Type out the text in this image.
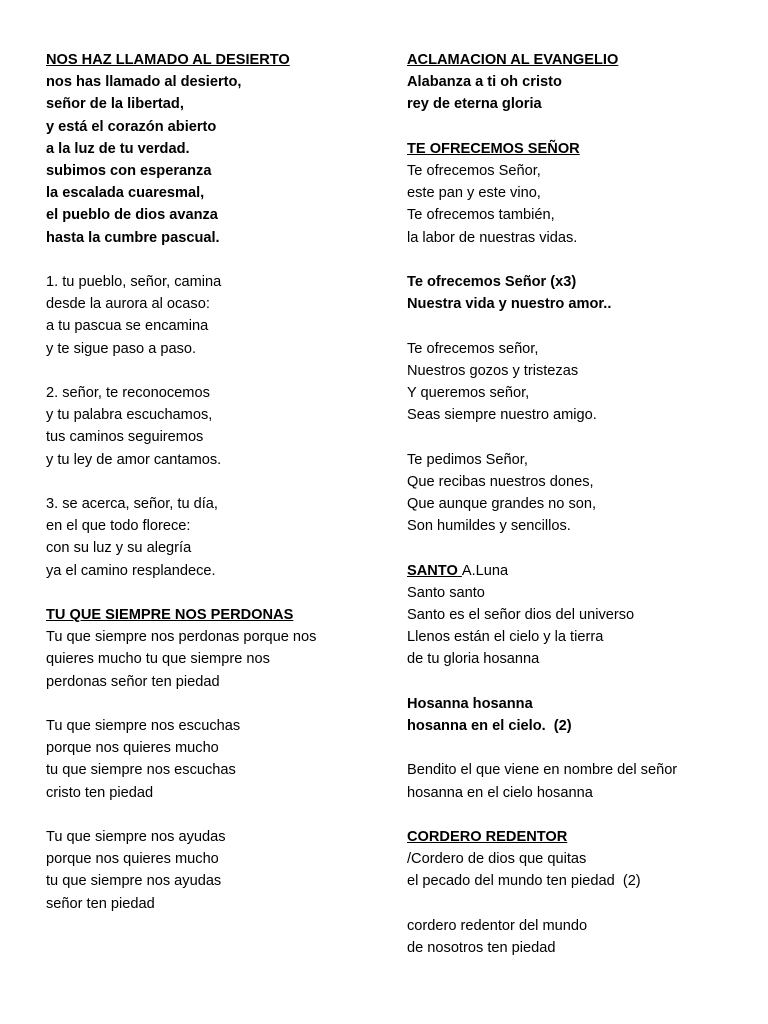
NOS HAZ LLAMADO AL DESIERTO
nos has llamado al desierto,
señor de la libertad,
y está el corazón abierto
a la luz de tu verdad.
subimos con esperanza
la escalada cuaresmal,
el pueblo de dios avanza
hasta la cumbre pascual.
1. tu pueblo, señor, camina
desde la aurora al ocaso:
a tu pascua se encamina
y te sigue paso a paso.
2. señor, te reconocemos
y tu palabra escuchamos,
tus caminos seguiremos
y tu ley de amor cantamos.
3. se acerca, señor, tu día,
en el que todo florece:
con su luz y su alegría
ya el camino resplandece.
TU QUE SIEMPRE NOS PERDONAS
Tu que siempre nos perdonas porque nos
quieres mucho tu que siempre nos
perdonas señor ten piedad
Tu que siempre nos escuchas
porque nos quieres mucho
tu que siempre nos escuchas
cristo ten piedad
Tu que siempre nos ayudas
porque nos quieres mucho
tu que siempre nos ayudas
señor ten piedad
ACLAMACION AL EVANGELIO
Alabanza a ti oh cristo
rey de eterna gloria
TE OFRECEMOS SEÑOR
Te ofrecemos Señor,
este pan y este vino,
Te ofrecemos también,
la labor de nuestras vidas.
Te ofrecemos Señor (x3)
Nuestra vida y nuestro amor..
Te ofrecemos señor,
Nuestros gozos y tristezas
Y queremos señor,
Seas siempre nuestro amigo.
Te pedimos Señor,
Que recibas nuestros dones,
Que aunque grandes no son,
Son humildes y sencillos.
SANTO A.Luna
Santo santo
Santo es el señor dios del universo
Llenos están el cielo y la tierra
de tu gloria hosanna
Hosanna hosanna
hosanna en el cielo.  (2)
Bendito el que viene en nombre del señor
hosanna en el cielo hosanna
CORDERO REDENTOR
/Cordero de dios que quitas
el pecado del mundo ten piedad  (2)
cordero redentor del mundo
de nosotros ten piedad
